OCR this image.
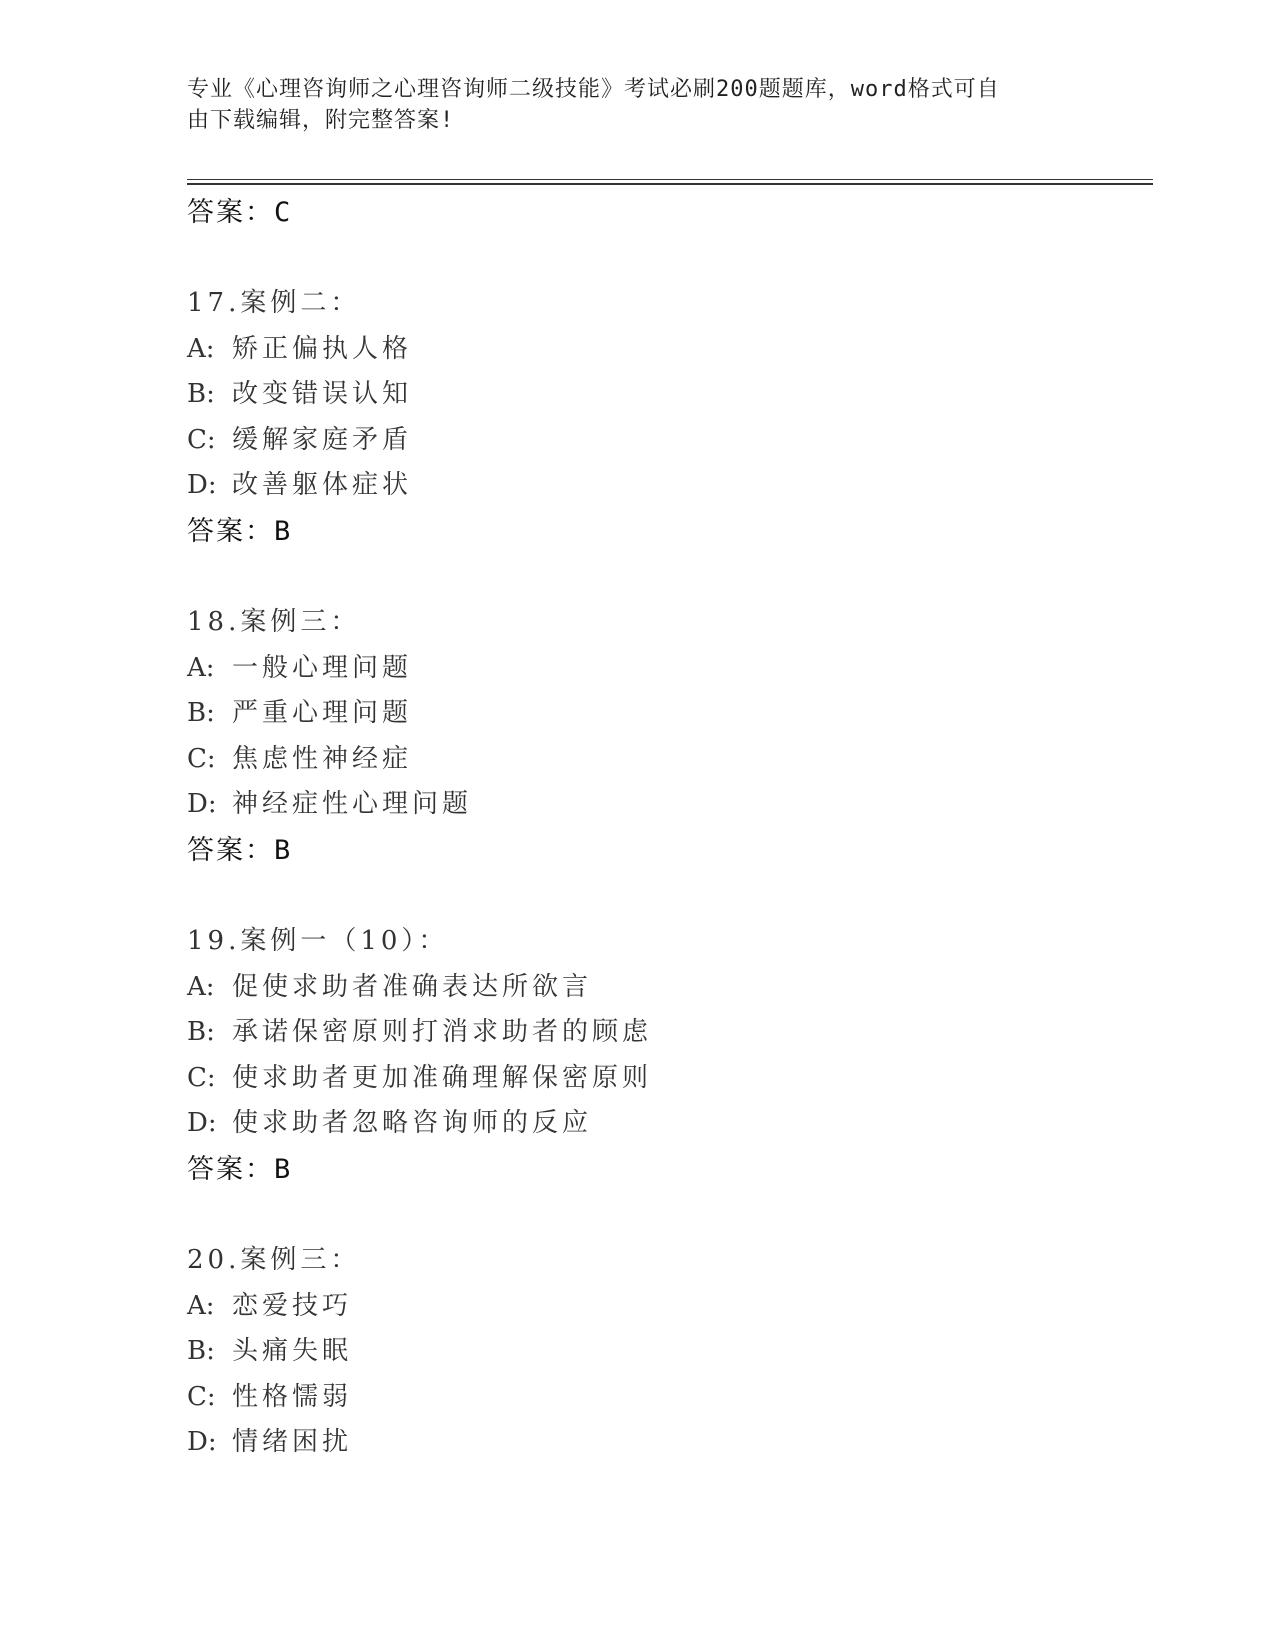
专业《心理咨询师之心理咨询师二级技能》考试必刷200题题库，word格式可自
由下载编辑，附完整答案!
答案：C
17.案例二：
A: 矫正偏执人格
B: 改变错误认知
C: 缓解家庭矛盾
D: 改善躯体症状
答案：B
18.案例三：
A: 一般心理问题
B: 严重心理问题
C: 焦虑性神经症
D: 神经症性心理问题
答案：B
19.案例一（10）：
A: 促使求助者准确表达所欲言
B: 承诺保密原则打消求助者的顾虑
C: 使求助者更加准确理解保密原则
D: 使求助者忽略咨询师的反应
答案：B
20.案例三：
A: 恋爱技巧
B: 头痛失眠
C: 性格懦弱
D: 情绪困扰
